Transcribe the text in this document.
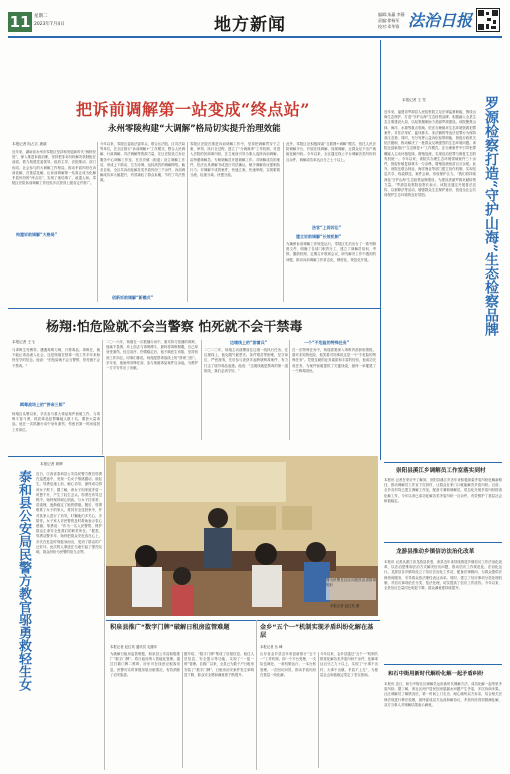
11 星期二
2023年7月4日	地方新闻
编辑:朱赢 李静
责编:徐杨军
校对:邓华锋 法治日报
把诉前调解第一站变成“终点站”
永州零陵构建“大调解”格局切实提升治理效能
本报记者 阮占江 唐斌
近年来，湖南省永州市零陵区坚持和发展新时代“枫桥经验”，深入推进诉源治理，坚持把非诉纠纷解决机制挺在前面，着力构建党委领导、政府主导、法院推动、部门协同、社会参与的大调解工作格局，推动矛盾纠纷在诉前化解、在基层化解，让诉前调解第一站真正成为化解矛盾纠纷的“终点站”，实现了案结事了、政通人和。零陵区法院诉前调解工作经验多次获得上级肯定并推广。
构建诉前调解“大格局”
今年以来，零陵区委政法委牵头，联合区法院、区司法局等单位，在全区推行“诉前调解+”工作模式，整合人民调解、行政调解、司法调解等资源力量，在区法院设立诉讼服务中心调解工作室，在各乡镇（街道）设立调解工作站，形成上下联动、左右协调、运转高效的调解网络。截至目前，全区共诉前化解各类矛盾纠纷三千余件，诉前调解成功率大幅提升，有效减轻了群众诉累，节约了司法资源。
创新诉前调解“新模式”
零陵区法院在推进诉前调解工作中，坚持把调解贯穿于立案、审判、执行全过程，建立了“分调裁审”工作机制，对进入法院的民商事纠纷，在立案前引导当事人选择诉前调解，由特邀调解员、专职调解员开展调解工作。对调解成功的案件，依法出具调解书或进行司法确认，赋予调解协议强制执行力；对调解不成的案件，快速立案、快速审理，实现繁简分流、轻重分离、快慢分道。
此外，零陵区还积极探索“互联网+调解”模式，依托人民法院调解平台，开展在线调解、视频调解，让群众足不出户就能化解纠纷。今年以来，全区通过线上平台调解各类纠纷四百余件，调解成功率达百分之七十以上。
法官“上网诉讼”
建立诉前调解“长效机制”
为确保诉前调解工作规范运行，零陵区先后出台了一系列制度文件，明确了各部门职责分工，建立了调解员培训、考核、激励机制，定期召开联席会议，研究解决工作中遇到的问题，推动诉前调解工作常态化、制度化、规范化开展。
本报记者 王 雪
近年来，福建省罗源县人民检察院立足法律监督职能，围绕山海生态保护，打造“守护山海”生态检察品牌，积极融入全县生态文明建设大局，以检察履职助力美丽罗源建设。该院聚焦山林、海洋、水源等重点领域，依法办理破坏生态环境资源犯罪案件，对非法采矿、滥伐林木、非法捕捞等违法犯罪行为保持高压态势。同时，充分发挥公益诉讼检察职能，督促行政机关依法履职，推动解决了一批群众反映强烈的生态环境问题。该院还创新推行“生态修复+”工作模式，在办理案件中引导犯罪嫌疑人主动补植复绿、增殖放流，实现惩治犯罪与修复生态的有机统一。今年以来，该院共办理生态环境领域案件三十余件，督促补植复绿林木一万余株，增殖放流鱼苗百万余尾。此外，该院还联合林业、海洋渔业等部门建立协作机制，实现信息共享、线索移送、案件会商，形成保护合力。“我们将持续深化‘守护山海’生态检察品牌建设，为建设美丽罗源贡献检察力量。”罗源县检察院检察长表示。该院还通过开展普法宣传、以案释法等活动，增强群众生态保护意识，营造全社会共同保护生态环境的良好氛围。	罗源检察打造“守护山海”生态检察品牌
崇阳县溪江乡调解员工作室落实到村
本报讯 记者在采访中了解到，崇阳县溪江乡近年来积极探索矛盾纠纷化解新路径，推动调解员工作室下沉到村，让群众在家门口就能解决矛盾纠纷。目前，全乡各村均已建立调解工作室，配备专兼职调解员，常态化开展矛盾纠纷排查化解工作，今年以来已成功化解各类矛盾纠纷一百余件，有效维护了基层社会和谐稳定。
龙游县推动乡镇信访法治化改革
本报讯 记者从浙江省龙游县获悉，该县近年来持续推进乡镇信访工作法治化改革，以法治思维和法治方式解决信访问题，推动信访工作规范化、法治化运行。龙游县各乡镇均设立了信访法治化工作站，配备法律顾问，为群众提供法律咨询服务，引导群众依法理性表达诉求。同时，建立了信访事项分类处理机制，对信访事项依法分类、依法处理，切实提高了信访工作质效。今年以来，全县信访总量同比明显下降，群众满意度持续提升。
和石中街用新时代解纷化解一起矛盾纠纷
本报讯 近日，和石中街社区调解员运用新时代调解方法，成功化解一起邻里矛盾纠纷。据了解，该社区两户居民因房屋漏水问题产生矛盾，多次协商未果。社区调解员了解情况后，第一时间上门走访，耐心倾听双方诉求，结合相关法律法规进行释法说理，最终促成双方达成和解协议，矛盾纠纷得到圆满化解，双方当事人对调解结果表示满意。
杨翔:怕危险就不会当警察 怕死就不会干禁毒
本报记者 王飞
与毒贩生死博弈，遭遇毒贩刀刺，只要毒品、毒贩在，就不能让毒品流入社会，这是杨翔在禁毒一线工作多年来始终坚守的信念。他说：“怕危险就不会当警察，怕死就不会干禁毒。”
缉毒战场上的“拼命三郎”
杨翔自从警以来，多次参与重大毒品案件侦破工作，与毒贩斗智斗勇，抓获毒品犯罪嫌疑人数十名，缴获大量毒品。他在一次抓捕行动中身负重伤，伤愈后第一时间返回工作岗位。
二〇一六年，杨翔在一次抓捕行动中，面对持刀拒捕的毒贩，他毫不畏惧，冲上前去与毒贩搏斗，最终将毒贩制服，自己却身受重伤。经过治疗，伤情稳定后，他不顾医生劝阻，坚持回到工作岗位。同事们都说，杨翔是禁毒战线上的“拼命三郎”。多年来，他始终冲锋在前，参与侦破毒品案件百余起，为维护一方平安作出了贡献。
边境线上的“排雷兵”
二〇二〇年，杨翔主动请缨前往边境一线执行任务。在边境线上，他克服气候恶劣、条件艰苦等困难，坚守岗位，严密查缉，先后参与查获多起跨境贩毒案件，有力打击了境外毒品渗透。他说：“边境线就是禁毒的第一道防线，我们必须守好。”
一个“不危险的特殊任务”
在一次特殊任务中，杨翔需要深入毒贩内部获取情报。面对未知的危险，他笑着对同事说这是一个“不危险的特殊任务”。凭借过硬的业务素质和丰富的经验，他成功完成任务，为案件侦破提供了关键线索，最终一举摧毁了一个贩毒团伙。
本报记者 黄辉
泰和县公安局民警方教官邬勇救轻生女 近日，江西省泰和县公安局民警方教官邬勇在巡逻途中，发现一名女子情绪激动，欲轻生。邬勇迅速上前，耐心劝导，最终成功将该女子救下。据了解，该女子因家庭矛盾一时想不开，产生了轻生念头。邬勇在劝导过程中，始终保持耐心细致，与女子拉家常、讲道理，逐渐稳定了她的情绪。随后，邬勇联系了女子的家人，将其安全送回家中，并对其家人进行了劝导，叮嘱他们多关心、多陪伴。女子家人对民警的及时救助表示衷心感谢。邬勇说：“作为一名人民警察，保护群众生命安全是我们的职责所在。”据悉，邬勇从警多年，始终把群众安危放在心上，多次在危急时刻挺身而出，受到了群众的广泛好评。此次救人事迹在当地引起了强烈反响，群众纷纷为民警的担当点赞。
图为民警在社区向居民宣讲禁毒知识
本报记者 赵红英 摄
积泉县推广“数字门牌”破解日租房监管难题
本报记者 赵红英 通讯员 毛继年
为破解日租房监管难题，积泉县公安局积极推广“数字门牌”，将日租房纳入智能化管理。通过扫描门牌二维码，房东可在线登记租客信息，民警可实时掌握房屋出租情况，有效消除了治安隐患。
据介绍，“数字门牌”集成了房屋信息、租住人员信息、安全提示等功能，实现了“一屋一码”管理。自推广以来，全县已为数千户日租房安装了“数字门牌”，日租房治安案件发生率明显下降，群众安全感和满意度不断提升。
金乡“五个一”机制实现矛盾纠纷化解在基层
本报记者 丛 峰
山东省金乡县近年来创新推行“五个一”工作机制，即一个平台受理、一支队伍调处、一套机制运行、一本台账管理、一次回访问效，推动矛盾纠纷在基层一线化解。
今年以来，金乡县通过“五个一”机制共排查化解各类矛盾纠纷千余件，化解率达百分之九十以上，实现了“小事不出村、大事不出镇、矛盾不上交”，为基层社会和谐稳定奠定了坚实基础。
